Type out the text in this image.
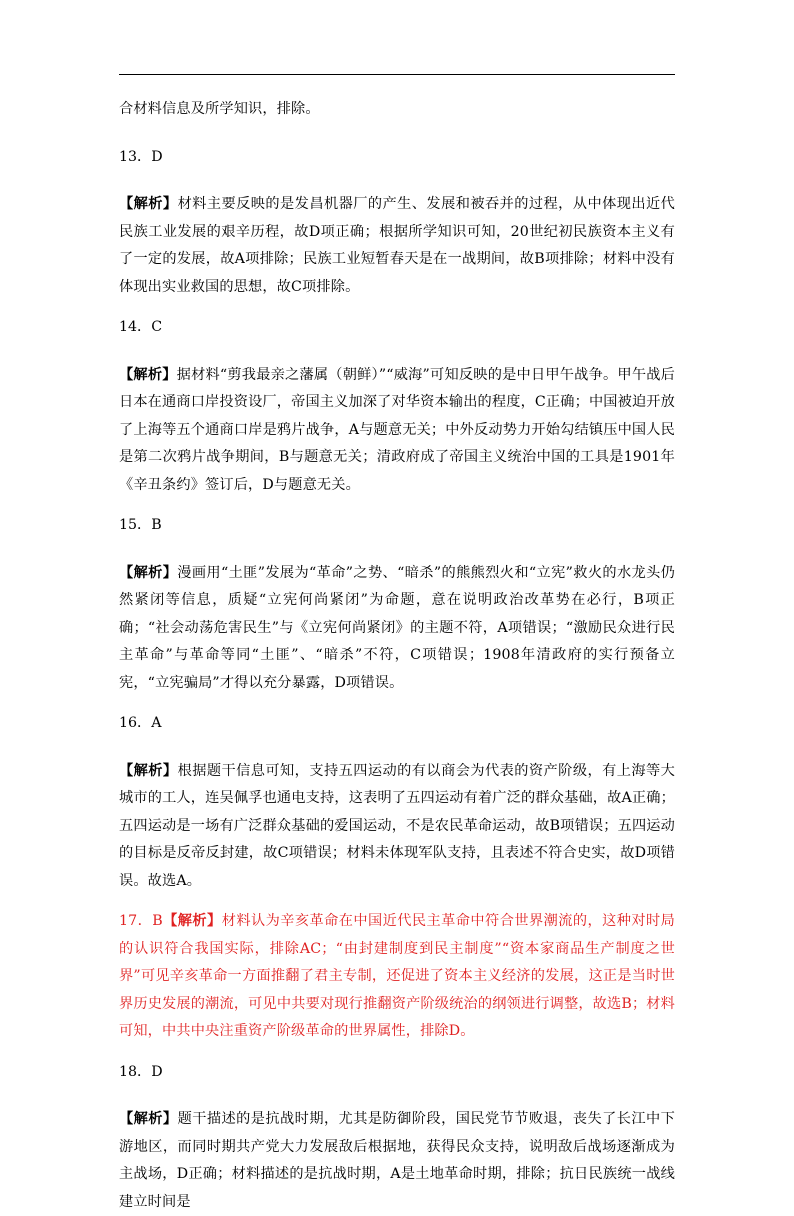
合材料信息及所学知识，排除。

13．D

【解析】材料主要反映的是发昌机器厂的产生、发展和被吞并的过程，从中体现出近代民族工业发展的艰辛历程，故D项正确；根据所学知识可知，20世纪初民族资本主义有了一定的发展，故A项排除；民族工业短暂春天是在一战期间，故B项排除；材料中没有体现出实业救国的思想，故C项排除。

14．C

【解析】据材料“剪我最亲之藩属（朝鲜）”“威海”可知反映的是中日甲午战争。甲午战后日本在通商口岸投资设厂，帝国主义加深了对华资本输出的程度，C正确；中国被迫开放了上海等五个通商口岸是鸦片战争，A与题意无关；中外反动势力开始勾结镇压中国人民是第二次鸦片战争期间，B与题意无关；清政府成了帝国主义统治中国的工具是1901年《辛丑条约》签订后，D与题意无关。

15．B

【解析】漫画用“土匪”发展为“革命”之势、“暗杀”的熊熊烈火和“立宪”救火的水龙头仍然紧闭等信息，质疑“立宪何尚紧闭”为命题，意在说明政治改革势在必行，B项正确；“社会动荡危害民生”与《立宪何尚紧闭》的主题不符，A项错误；“激励民众进行民主革命”与革命等同“土匪”、“暗杀”不符，C项错误；1908年清政府的实行预备立宪，“立宪骗局”才得以充分暴露，D项错误。

16．A

【解析】根据题干信息可知，支持五四运动的有以商会为代表的资产阶级，有上海等大城市的工人，连吴佩孚也通电支持，这表明了五四运动有着广泛的群众基础，故A正确；五四运动是一场有广泛群众基础的爱国运动，不是农民革命运动，故B项错误；五四运动的目标是反帝反封建，故C项错误；材料未体现军队支持，且表述不符合史实，故D项错误。故选A。

17．B【解析】材料认为辛亥革命在中国近代民主革命中符合世界潮流的，这种对时局的认识符合我国实际，排除AC；“由封建制度到民主制度”“资本家商品生产制度之世界”可见辛亥革命一方面推翻了君主专制，还促进了资本主义经济的发展，这正是当时世界历史发展的潮流，可见中共要对现行推翻资产阶级统治的纲领进行调整，故选B；材料可知，中共中央注重资产阶级革命的世界属性，排除D。

18．D

【解析】题干描述的是抗战时期，尤其是防御阶段，国民党节节败退，丧失了长江中下游地区，而同时期共产党大力发展敌后根据地，获得民众支持，说明敌后战场逐渐成为主战场，D正确；材料描述的是抗战时期，A是土地革命时期，排除；抗日民族统一战线建立时间是
